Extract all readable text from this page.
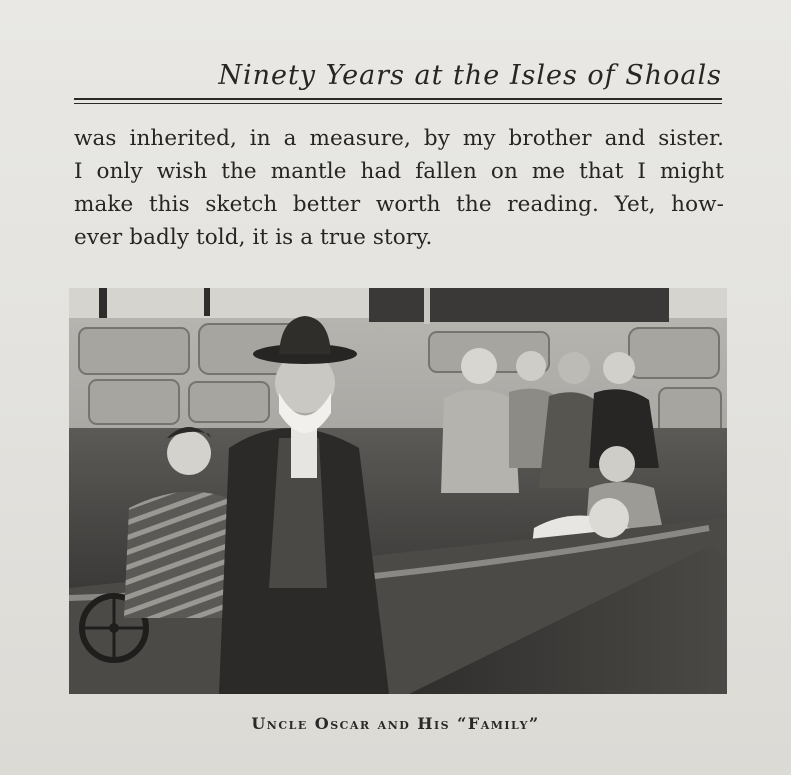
Ninety Years at the Isles of Shoals
was inherited, in a measure, by my brother and sister.
I only wish the mantle had fallen on me that I might
make this sketch better worth the reading. Yet, how-
ever badly told, it is a true story.
Uncle Oscar and His “Family”
